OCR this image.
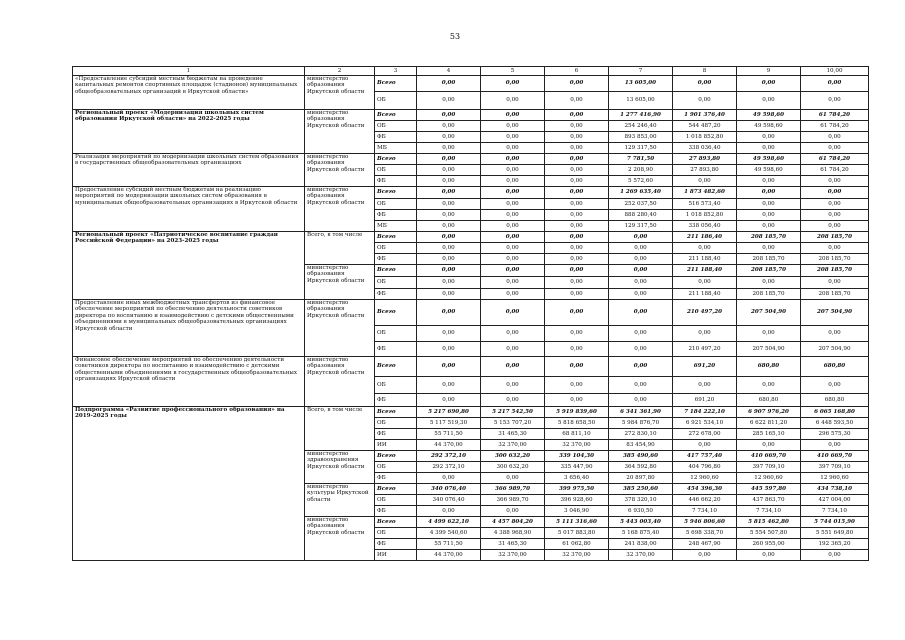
53
1	2	3	4	5	6	7	8	9	10,00
«Предоставление субсидий местным бюджетам на проведение капитальных ремонтов спортивных площадок (стадионов) муниципальных общеобразовательных организаций в Иркутской области»	министерство образования Иркутской области	Всего	0,00	0,00	0,00	13 605,00	0,00	0,00	0,00
		ОБ	0,00	0,00	0,00	13 605,00	0,00	0,00	0,00
Региональный проект «Модернизация школьных систем образования Иркутской области» на 2022-2025 годы	министерство образования Иркутской области	Всего	0,00	0,00	0,00	1 277 416,90	1 901 376,40	49 598,60	61 784,20
		ОБ	0,00	0,00	0,00	254 246,40	544 487,20	49 598,60	61 784,20
		ФБ	0,00	0,00	0,00	893 853,00	1 018 852,80	0,00	0,00
		МБ	0,00	0,00	0,00	129 317,50	338 036,40	0,00	0,00
Реализация мероприятий по модернизации школьных систем образования в государственных общеобразовательных организациях	министерство образования Иркутской области	Всего	0,00	0,00	0,00	7 781,50	27 893,80	49 598,60	61 784,20
		ОБ	0,00	0,00	0,00	2 208,90	27 893,80	49 598,60	61 784,20
		ФБ	0,00	0,00	0,00	5 572,60	0,00	0,00	0,00
Предоставление субсидий местным бюджетам на реализацию мероприятий по модернизации школьных систем образования в муниципальных общеобразовательных организациях в Иркутской области	министерство образования Иркутской области	Всего	0,00	0,00	0,00	1 269 635,40	1 873 482,60	0,00	0,00
		ОБ	0,00	0,00	0,00	252 037,50	516 573,40	0,00	0,00
		ФБ	0,00	0,00	0,00	888 280,40	1 018 852,80	0,00	0,00
		МБ	0,00	0,00	0,00	129 317,50	338 056,40	0,00	0,00
Региональный проект «Патриотическое воспитание граждан Российской Федерации» на 2023-2025 годы	Всего, в том числе	Всего	0,00	0,00	0,00	0,00	211 186,40	208 185,70	208 185,70
		ОБ	0,00	0,00	0,00	0,00	0,00	0,00	0,00
		ФБ	0,00	0,00	0,00	0,00	211 188,40	208 185,70	208 185,70
	министерство образования Иркутской области	Всего	0,00	0,00	0,00	0,00	211 188,40	208 185,70	208 185,70
		ОБ	0,00	0,00	0,00	0,00	0,00	0,00	0,00
		ФБ	0,00	0,00	0,00	0,00	211 188,40	208 185,70	208 185,70
Предоставление иных межбюджетных трансфертов из финансовое обеспечение мероприятий по обеспечению деятельности советников директора по воспитанию и взаимодействию с детскими общественными объединениями в муниципальных общеобразовательных организациях Иркутской области	министерство образования Иркутской области	Всего	0,00	0,00	0,00	0,00	210 497,20	207 504,90	207 504,90
		ОБ	0,00	0,00	0,00	0,00	0,00	0,00	0,00
		ФБ	0,00	0,00	0,00	0,00	210 497,20	207 504,90	207 504,90
Финансовое обеспечение мероприятий по обеспечению деятельности советников директора по воспитанию и взаимодействию с детскими общественными объединениями в государственных общеобразовательных организациях Иркутской области	министерство образования Иркутской области	Всего	0,00	0,00	0,00	0,00	691,20	680,80	680,80
		ОБ	0,00	0,00	0,00	0,00	0,00	0,00	0,00
		ФБ	0,00	0,00	0,00	0,00	691,20	680,80	680,80
Подпрограмма «Развитие профессионального образования» на 2019-2025 годы	Всего, в том числе	Всего	5 217 690,80	5 217 542,50	5 919 839,60	6 341 361,90	7 184 222,10	6 907 976,20	6 065 168,80
		ОБ	5 117 519,30	5 153 707,20	5 818 658,50	5 984 876,70	6 921 534,10	6 622 811,20	6 448 593,50
		ФБ	55 711,50	31 465,30	68 811,10	272 830,10	272 678,00	285 165,10	296 575,30
		ИИ	44 370,00	32 370,00	32 370,00	83 454,90	0,00	0,00	0,00
	министерство здравоохранения Иркутской области	Всего	292 372,10	300 632,20	339 104,30	385 490,60	417 757,40	410 669,70	410 669,70
		ОБ	292 372,10	300 632,20	335 447,90	364 592,80	404 796,80	397 709,10	397 709,10
		ФБ	0,00	0,00	3 656,40	20 897,80	12 960,60	12 960,60	12 960,60
	министерство культуры Иркутской области	Всего	340 076,40	366 989,70	399 975,50	385 250,60	454 396,30	445 597,80	434 738,10
		ОБ	340 076,40	366 989,70	396 928,60	378 320,10	446 662,20	437 863,70	427 004,00
		ФБ	0,00	0,00	3 046,90	6 930,50	7 734,10	7 734,10	7 734,10
	министерство образования Иркутской области	Всего	4 499 622,10	4 457 804,20	5 111 316,60	5 443 003,40	5 946 806,60	5 815 462,80	5 744 015,90
		ОБ	4 399 540,60	4 388 968,90	5 017 883,80	5 168 875,40	5 698 338,70	5 554 507,80	5 551 649,80
		ФБ	55 711,50	31 465,30	61 062,80	241 838,00	248 467,90	260 955,00	192 365,20
		ИИ	44 370,00	32 370,00	32 370,00	32 370,00	0,00	0,00	0,00
